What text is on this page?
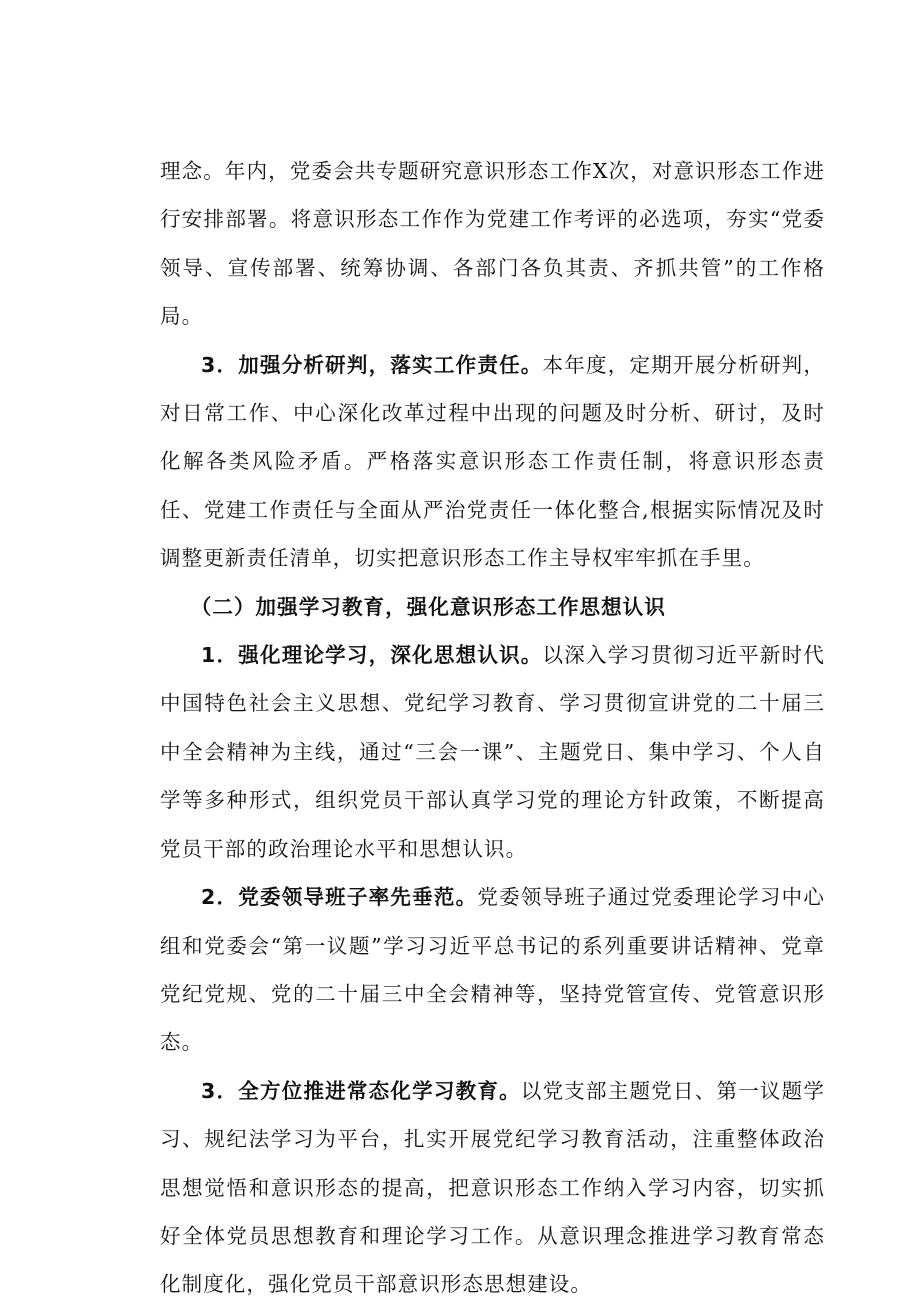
理念。年内，党委会共专题研究意识形态工作X次，对意识形态工作进行安排部署。将意识形态工作作为党建工作考评的必选项，夯实“党委领导、宣传部署、统筹协调、各部门各负其责、齐抓共管”的工作格局。

3．加强分析研判，落实工作责任。本年度，定期开展分析研判，对日常工作、中心深化改革过程中出现的问题及时分析、研讨，及时化解各类风险矛盾。严格落实意识形态工作责任制，将意识形态责任、党建工作责任与全面从严治党责任一体化整合,根据实际情况及时调整更新责任清单，切实把意识形态工作主导权牢牢抓在手里。

（二）加强学习教育，强化意识形态工作思想认识

1．强化理论学习，深化思想认识。以深入学习贯彻习近平新时代中国特色社会主义思想、党纪学习教育、学习贯彻宣讲党的二十届三中全会精神为主线，通过“三会一课”、主题党日、集中学习、个人自学等多种形式，组织党员干部认真学习党的理论方针政策，不断提高党员干部的政治理论水平和思想认识。

2．党委领导班子率先垂范。党委领导班子通过党委理论学习中心组和党委会“第一议题”学习习近平总书记的系列重要讲话精神、党章党纪党规、党的二十届三中全会精神等，坚持党管宣传、党管意识形态。

3．全方位推进常态化学习教育。以党支部主题党日、第一议题学习、规纪法学习为平台，扎实开展党纪学习教育活动，注重整体政治思想觉悟和意识形态的提高，把意识形态工作纳入学习内容，切实抓好全体党员思想教育和理论学习工作。从意识理念推进学习教育常态化制度化，强化党员干部意识形态思想建设。
